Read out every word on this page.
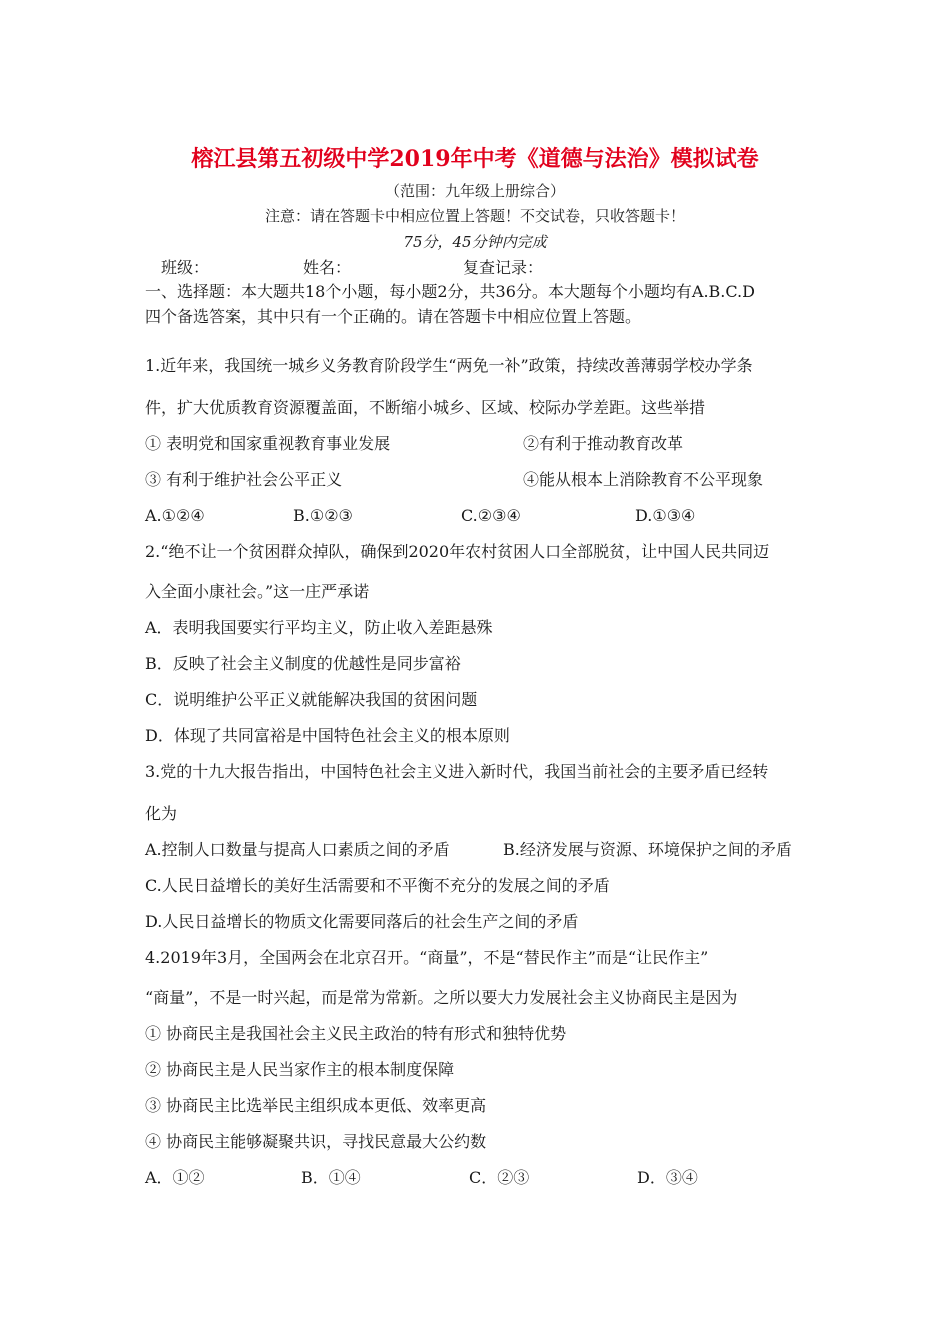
榕江县第五初级中学2019年中考《道德与法治》模拟试卷
（范围：九年级上册综合）
注意：请在答题卡中相应位置上答题！不交试卷，只收答题卡！
75分，45分钟内完成
班级：	姓名：	复查记录：
一、选择题：本大题共18个小题，每小题2分，共36分。本大题每个小题均有A.B.C.D
四个备选答案，其中只有一个正确的。请在答题卡中相应位置上答题。
1.近年来，我国统一城乡义务教育阶段学生“两免一补”政策，持续改善薄弱学校办学条
件，扩大优质教育资源覆盖面，不断缩小城乡、区域、校际办学差距。这些举措
① 表明党和国家重视教育事业发展	②有利于推动教育改革
③ 有利于维护社会公平正义	④能从根本上消除教育不公平现象
A.①②④	B.①②③	C.②③④	D.①③④
2.“绝不让一个贫困群众掉队，确保到2020年农村贫困人口全部脱贫，让中国人民共同迈
入全面小康社会。”这一庄严承诺
A．表明我国要实行平均主义，防止收入差距悬殊
B．反映了社会主义制度的优越性是同步富裕
C．说明维护公平正义就能解决我国的贫困问题
D．体现了共同富裕是中国特色社会主义的根本原则
3.党的十九大报告指出，中国特色社会主义进入新时代，我国当前社会的主要矛盾已经转
化为
A.控制人口数量与提高人口素质之间的矛盾	B.经济发展与资源、环境保护之间的矛盾
C.人民日益增长的美好生活需要和不平衡不充分的发展之间的矛盾
D.人民日益增长的物质文化需要同落后的社会生产之间的矛盾
4.2019年3月，全国两会在北京召开。“商量”，不是“替民作主”而是“让民作主”
“商量”，不是一时兴起，而是常为常新。之所以要大力发展社会主义协商民主是因为
① 协商民主是我国社会主义民主政治的特有形式和独特优势
② 协商民主是人民当家作主的根本制度保障
③ 协商民主比选举民主组织成本更低、效率更高
④ 协商民主能够凝聚共识，寻找民意最大公约数
A．①②	B．①④	C．②③	D．③④
